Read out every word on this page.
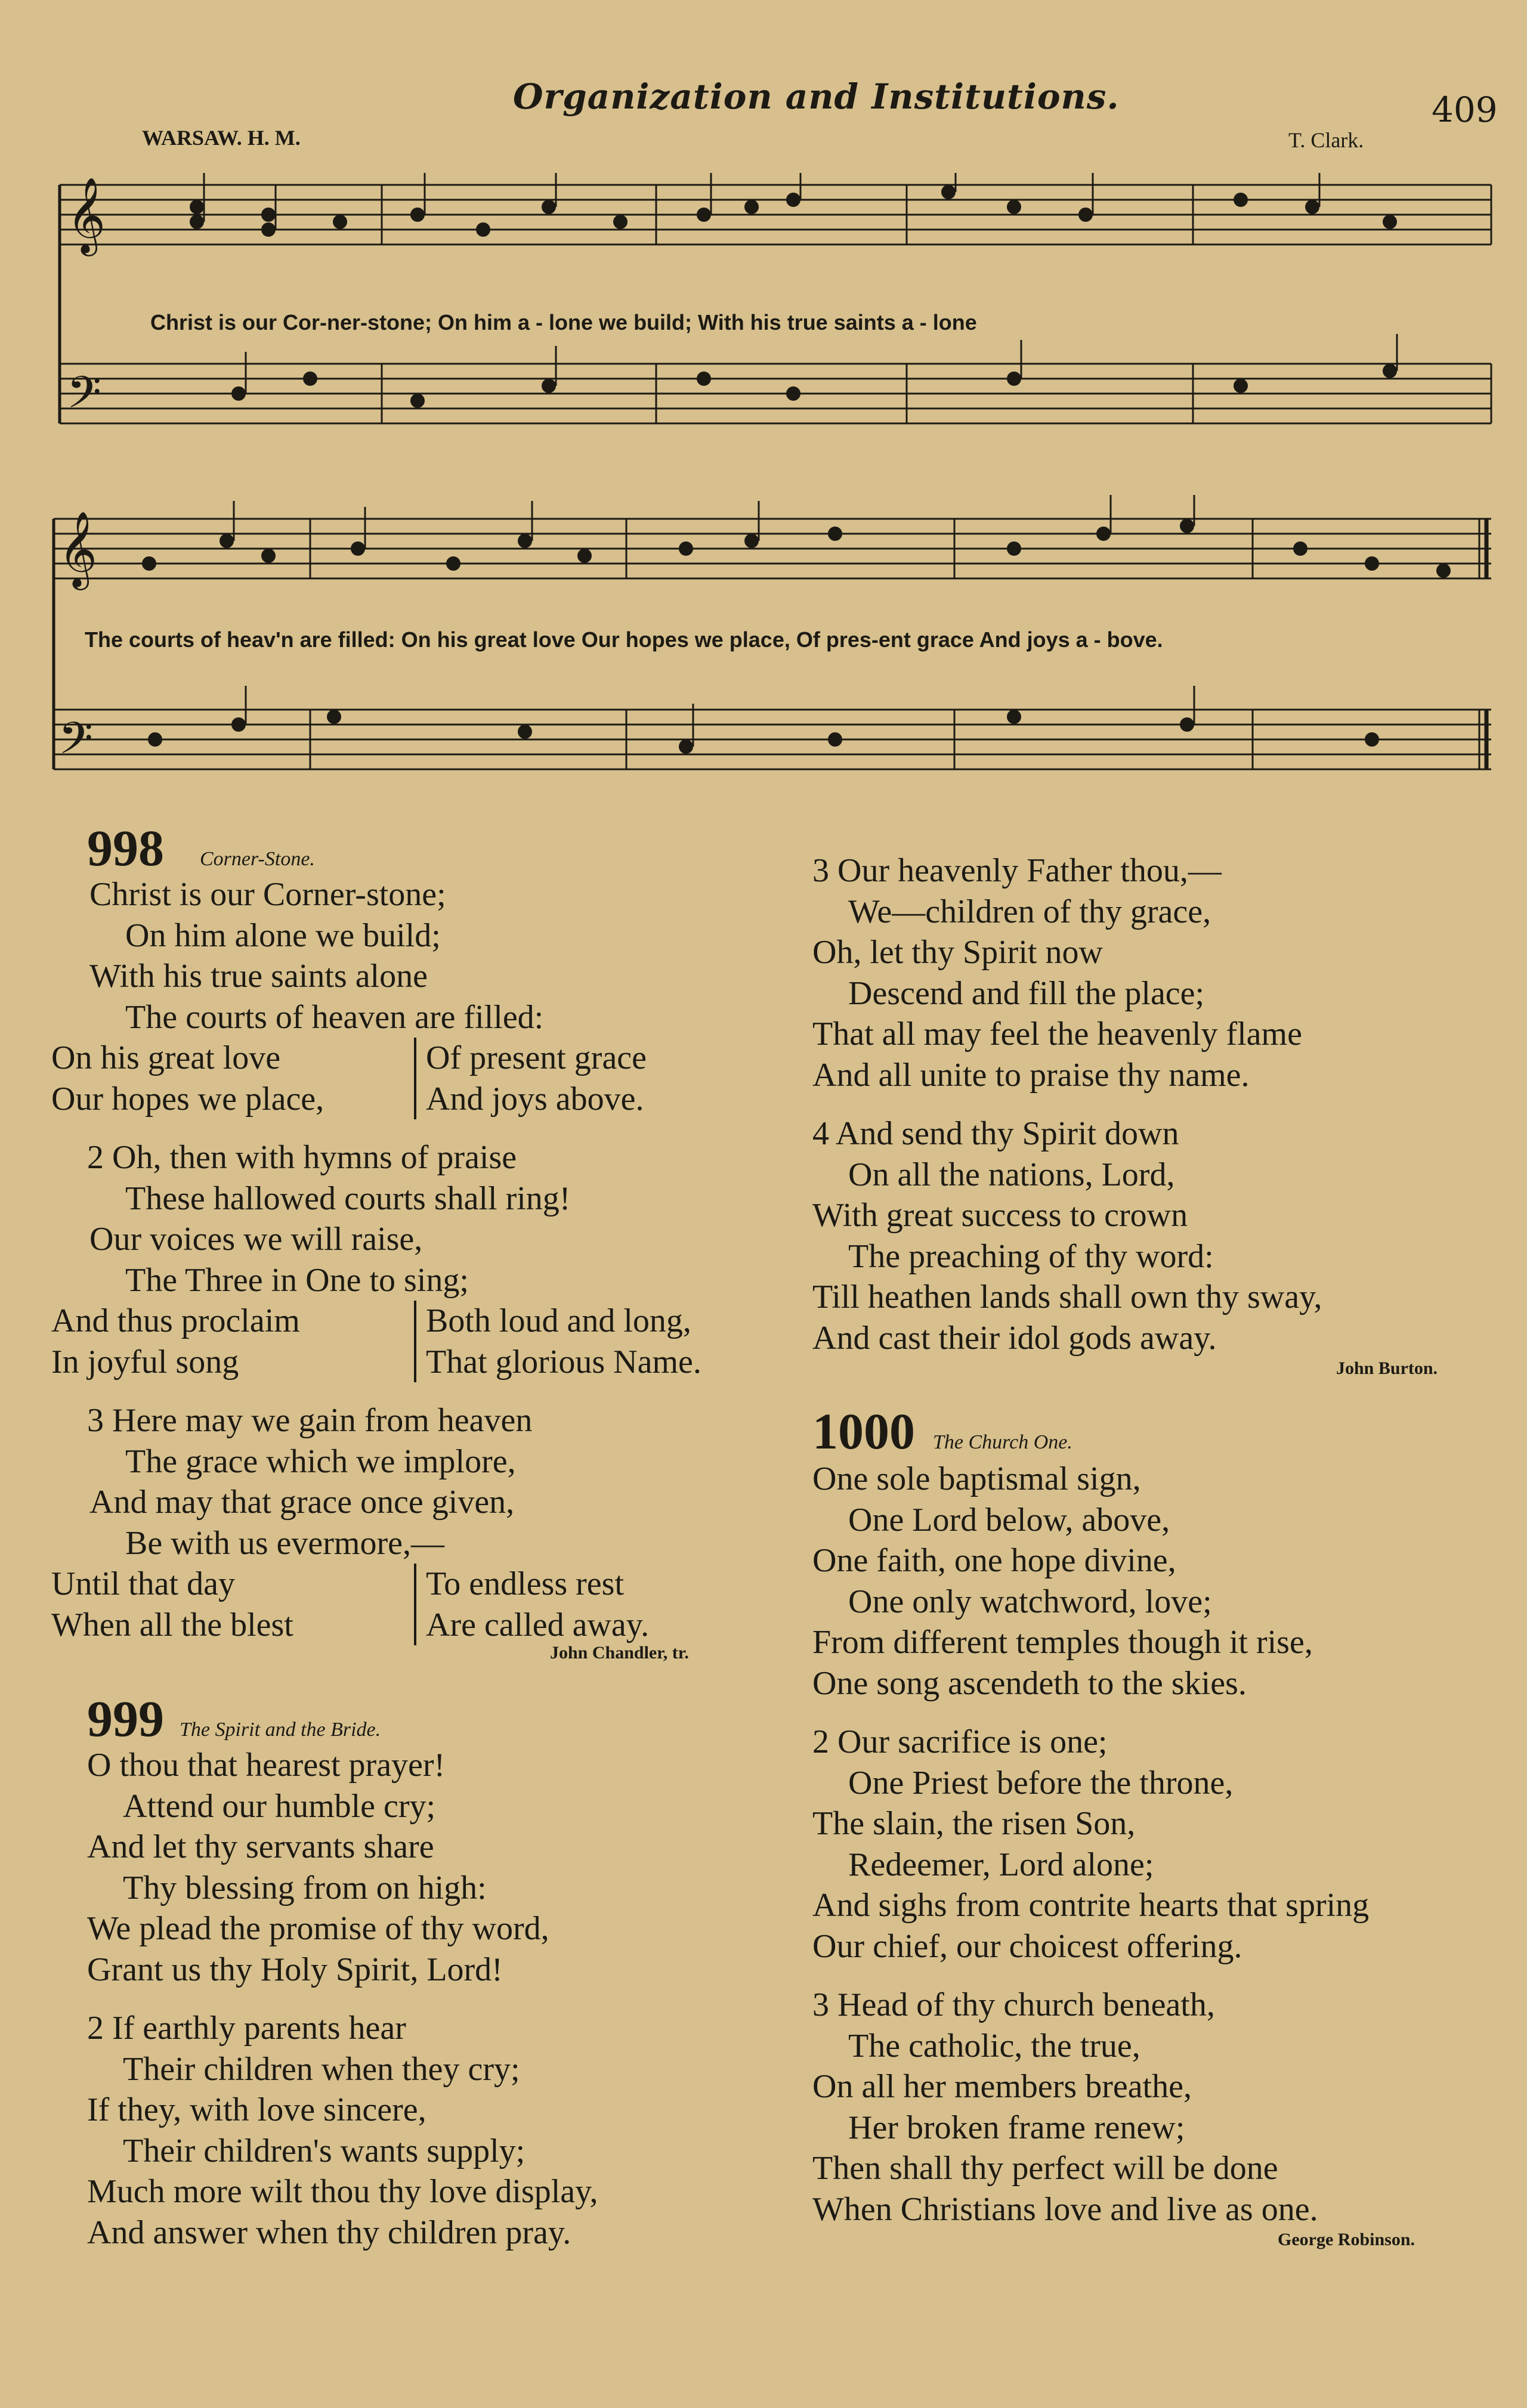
Organization and Institutions.	409
WARSAW. H. M.	T. Clark.
𝄞
𝄢
Christ is our Cor-ner-stone; On him a - lone we build; With his true saints a - lone
𝄞
𝄢
The courts of heav'n are filled: On his great love Our hopes we place, Of pres-ent grace And joys a - bove.
998 Corner-Stone.
Christ is our Corner-stone;
On him alone we build;
With his true saints alone
The courts of heaven are filled:
On his great love
Our hopes we place,
Of present grace
And joys above.
2 Oh, then with hymns of praise
These hallowed courts shall ring!
Our voices we will raise,
The Three in One to sing;
And thus proclaim
In joyful song
Both loud and long,
That glorious Name.
3 Here may we gain from heaven
The grace which we implore,
And may that grace once given,
Be with us evermore,—
Until that day
When all the blest
To endless rest
Are called away.
John Chandler, tr.
999 The Spirit and the Bride.
O thou that hearest prayer!
Attend our humble cry;
And let thy servants share
Thy blessing from on high:
We plead the promise of thy word,
Grant us thy Holy Spirit, Lord!
2 If earthly parents hear
Their children when they cry;
If they, with love sincere,
Their children's wants supply;
Much more wilt thou thy love display,
And answer when thy children pray.
3 Our heavenly Father thou,—
We—children of thy grace,
Oh, let thy Spirit now
Descend and fill the place;
That all may feel the heavenly flame
And all unite to praise thy name.
4 And send thy Spirit down
On all the nations, Lord,
With great success to crown
The preaching of thy word:
Till heathen lands shall own thy sway,
And cast their idol gods away.
John Burton.
1000 The Church One.
One sole baptismal sign,
One Lord below, above,
One faith, one hope divine,
One only watchword, love;
From different temples though it rise,
One song ascendeth to the skies.
2 Our sacrifice is one;
One Priest before the throne,
The slain, the risen Son,
Redeemer, Lord alone;
And sighs from contrite hearts that spring
Our chief, our choicest offering.
3 Head of thy church beneath,
The catholic, the true,
On all her members breathe,
Her broken frame renew;
Then shall thy perfect will be done
When Christians love and live as one.
George Robinson.
